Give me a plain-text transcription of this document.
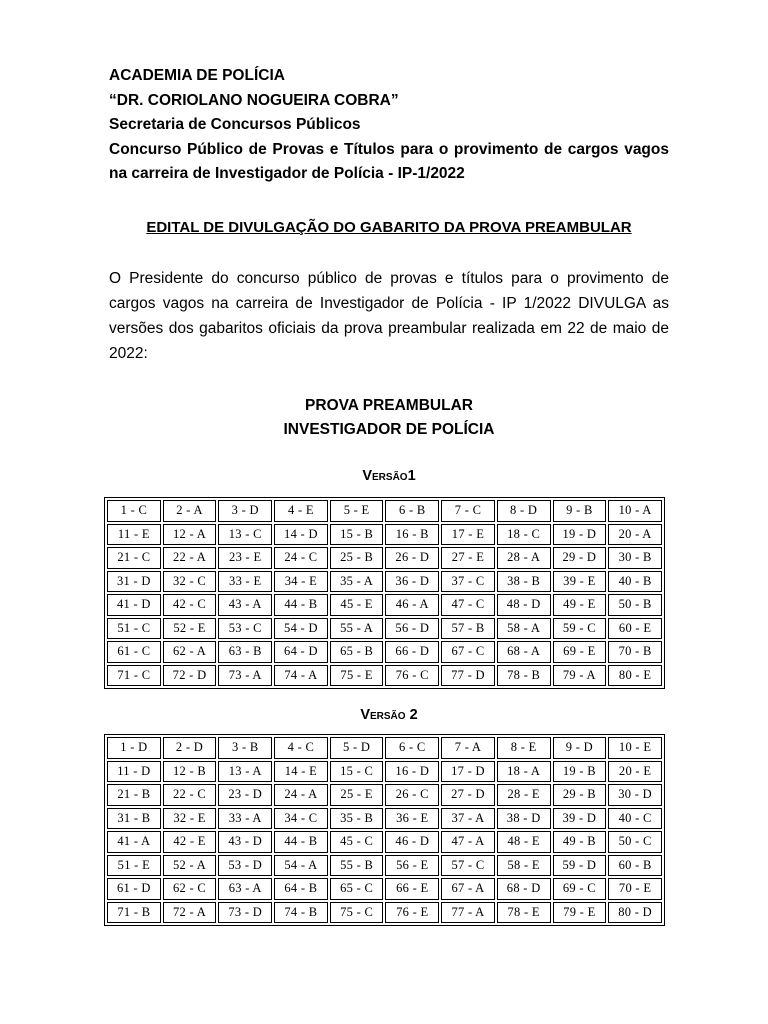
ACADEMIA DE POLÍCIA

“DR. CORIOLANO NOGUEIRA COBRA”

Secretaria de Concursos Públicos

Concurso Público de Provas e Títulos para o provimento de cargos vagos

na carreira de Investigador de Polícia - IP-1/2022

EDITAL DE DIVULGAÇÃO DO GABARITO DA PROVA PREAMBULAR

O Presidente do concurso público de provas e títulos para o provimento de cargos vagos na carreira de Investigador de Polícia - IP 1/2022 DIVULGA as versões dos gabaritos oficiais da prova preambular realizada em 22 de maio de 2022:

PROVA PREAMBULAR
INVESTIGADOR DE POLÍCIA
Versão1
1 - C	2 - A	3 - D	4 - E	5 - E	6 - B	7 - C	8 - D	9 - B	10 - A
11 - E	12 - A	13 - C	14 - D	15 - B	16 - B	17 - E	18 - C	19 - D	20 - A
21 - C	22 - A	23 - E	24 - C	25 - B	26 - D	27 - E	28 - A	29 - D	30 - B
31 - D	32 - C	33 - E	34 - E	35 - A	36 - D	37 - C	38 - B	39 - E	40 - B
41 - D	42 - C	43 - A	44 - B	45 - E	46 - A	47 - C	48 - D	49 - E	50 - B
51 - C	52 - E	53 - C	54 - D	55 - A	56 - D	57 - B	58 - A	59 - C	60 - E
61 - C	62 - A	63 - B	64 - D	65 - B	66 - D	67 - C	68 - A	69 - E	70 - B
71 - C	72 - D	73 - A	74 - A	75 - E	76 - C	77 - D	78 - B	79 - A	80 - E
Versão 2
1 - D	2 - D	3 - B	4 - C	5 - D	6 - C	7 - A	8 - E	9 - D	10 - E
11 - D	12 - B	13 - A	14 - E	15 - C	16 - D	17 - D	18 - A	19 - B	20 - E
21 - B	22 - C	23 - D	24 - A	25 - E	26 - C	27 - D	28 - E	29 - B	30 - D
31 - B	32 - E	33 - A	34 - C	35 - B	36 - E	37 - A	38 - D	39 - D	40 - C
41 - A	42 - E	43 - D	44 - B	45 - C	46 - D	47 - A	48 - E	49 - B	50 - C
51 - E	52 - A	53 - D	54 - A	55 - B	56 - E	57 - C	58 - E	59 - D	60 - B
61 - D	62 - C	63 - A	64 - B	65 - C	66 - E	67 - A	68 - D	69 - C	70 - E
71 - B	72 - A	73 - D	74 - B	75 - C	76 - E	77 - A	78 - E	79 - E	80 - D
